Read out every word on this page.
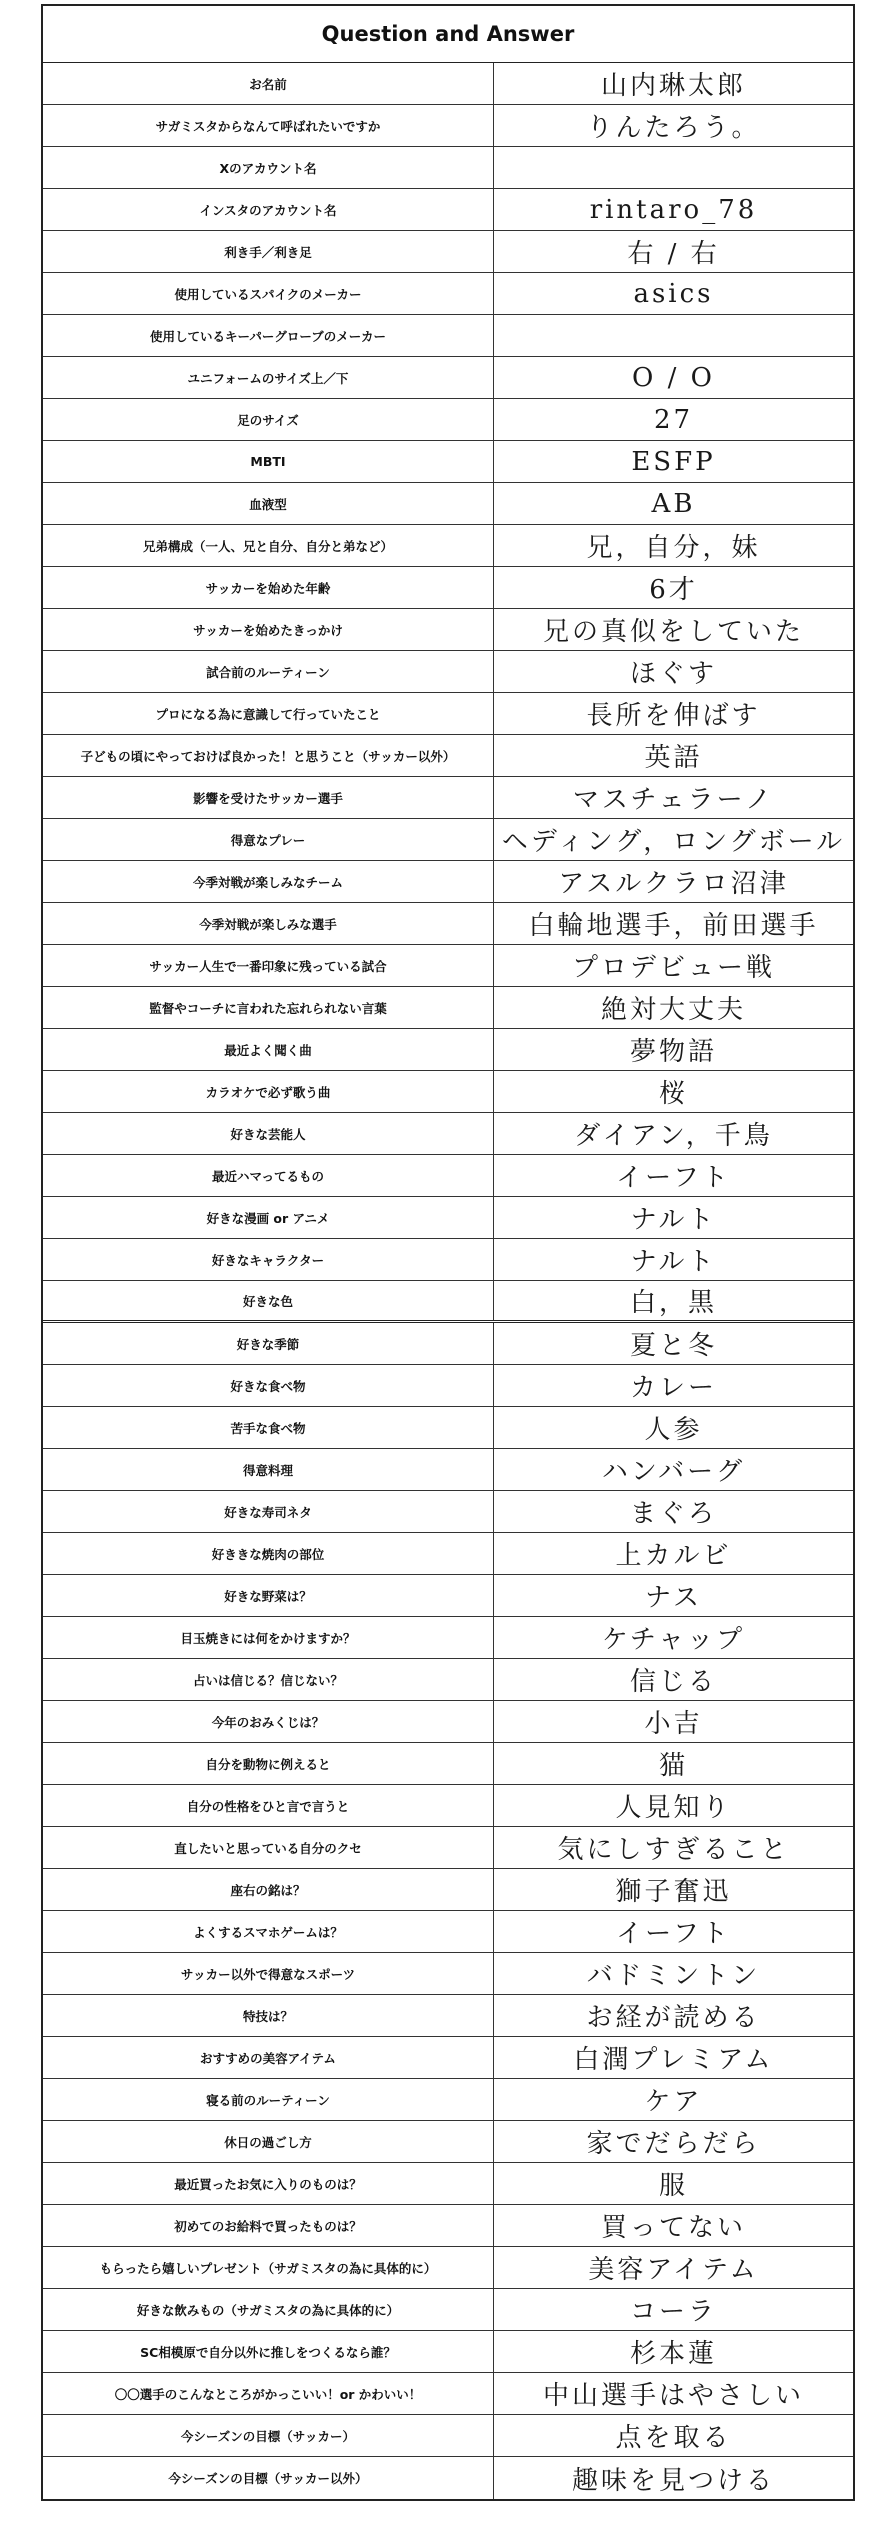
Question and Answer
お名前	山内琳太郎
サガミスタからなんて呼ばれたいですか	りんたろう。
Xのアカウント名
インスタのアカウント名	rintaro_78
利き手／利き足	右 / 右
使用しているスパイクのメーカー	asics
使用しているキーパーグローブのメーカー
ユニフォームのサイズ上／下	O / O
足のサイズ	27
MBTI	ESFP
血液型	AB
兄弟構成（一人、兄と自分、自分と弟など）	兄，自分，妹
サッカーを始めた年齢	6才
サッカーを始めたきっかけ	兄の真似をしていた
試合前のルーティーン	ほぐす
プロになる為に意識して行っていたこと	長所を伸ばす
子どもの頃にやっておけば良かった！と思うこと（サッカー以外）	英語
影響を受けたサッカー選手	マスチェラーノ
得意なプレー	ヘディング，ロングボール
今季対戦が楽しみなチーム	アスルクラロ沼津
今季対戦が楽しみな選手	白輪地選手，前田選手
サッカー人生で一番印象に残っている試合	プロデビュー戦
監督やコーチに言われた忘れられない言葉	絶対大丈夫
最近よく聞く曲	夢物語
カラオケで必ず歌う曲	桜
好きな芸能人	ダイアン，千鳥
最近ハマってるもの	イーフト
好きな漫画 or アニメ	ナルト
好きなキャラクター	ナルト
好きな色	白，黒
好きな季節	夏と冬
好きな食べ物	カレー
苦手な食べ物	人参
得意料理	ハンバーグ
好きな寿司ネタ	まぐろ
好ききな焼肉の部位	上カルビ
好きな野菜は？	ナス
目玉焼きには何をかけますか？	ケチャップ
占いは信じる？信じない？	信じる
今年のおみくじは？	小吉
自分を動物に例えると	猫
自分の性格をひと言で言うと	人見知り
直したいと思っている自分のクセ	気にしすぎること
座右の銘は？	獅子奮迅
よくするスマホゲームは？	イーフト
サッカー以外で得意なスポーツ	バドミントン
特技は？	お経が読める
おすすめの美容アイテム	白潤プレミアム
寝る前のルーティーン	ケア
休日の過ごし方	家でだらだら
最近買ったお気に入りのものは？	服
初めてのお給料で買ったものは？	買ってない
もらったら嬉しいプレゼント（サガミスタの為に具体的に）	美容アイテム
好きな飲みもの（サガミスタの為に具体的に）	コーラ
SC相模原で自分以外に推しをつくるなら誰？	杉本蓮
〇〇選手のこんなところがかっこいい！or かわいい！	中山選手はやさしい
今シーズンの目標（サッカー）	点を取る
今シーズンの目標（サッカー以外）	趣味を見つける
